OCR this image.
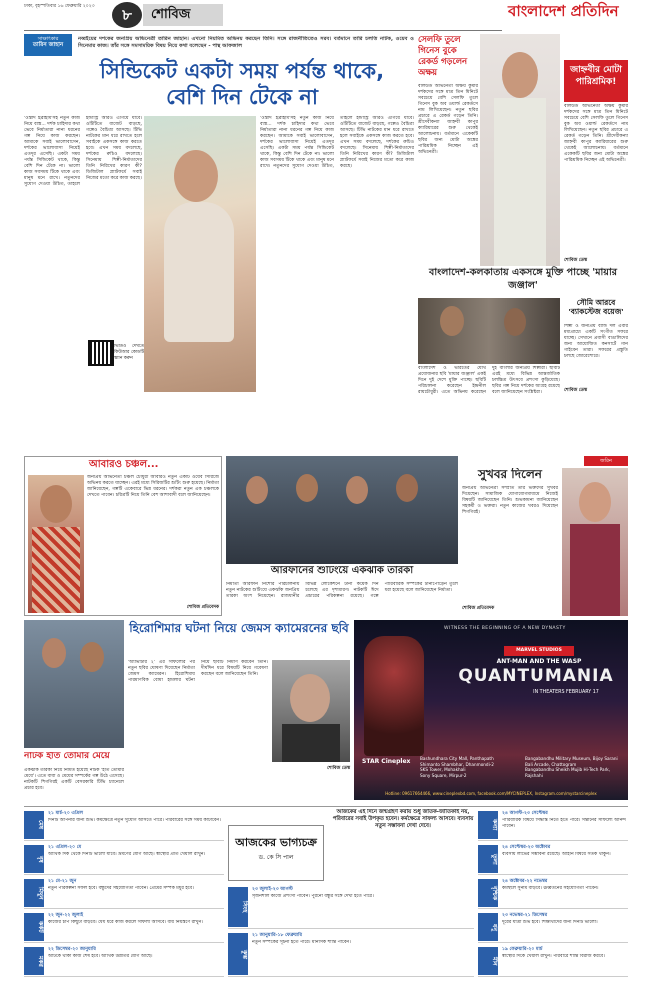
ঢাকা, বৃহস্পতিবার ১৬ ফেব্রুয়ারি ২০২৩	৮	শোবিজ	বাংলাদেশ প্রতিদিন
সাক্ষাৎকার
তারিন জাহান
নব্বইয়ের দশকের জনপ্রিয় অভিনেত্রী তারিন জাহান। এখনো নিয়মিত অভিনয় করছেন তিনি। সঙ্গে রাজনীতিতেও সরব। বর্তমানে তারি চলতি নাটক, ওয়েব ও সিনেমার কাজ। তাঁর সঙ্গে সমসাময়িক বিষয় নিয়ে কথা বলেছেন - পান্থ আফজাল
সিন্ডিকেট একটা সময় পর্যন্ত থাকে, বেশি দিন টেকে না
'ওস্তাদ ইব্রাহীম'সহ নতুন কাজ নিয়ে ব্যস্ত... দর্শক চাহিদার কথা ভেবে নির্মাতারা নানা ধরনের গল্প নিয়ে কাজ করছেন। আমাকে সবাই ভালোবাসেন, দর্শকের ভালোবাসা নিয়েই এতদূর এসেছি। একটা সময় পর্যন্ত সিন্ডিকেট থাকে, কিন্তু বেশি দিন টেকে না। ভালো কাজ সবসময় টিকে থাকে এবং মানুষ মনে রাখে। নতুনদের সুযোগ দেওয়া উচিত, তাহলে ইন্ডাস্ট্রি আরও এগিয়ে যাবে। ওটিটিতে বাজেট বাড়ছে, গল্পেও বৈচিত্র্য আসছে। টিভি নাটকের মান ধরে রাখতে হলে সবাইকে একসঙ্গে কাজ করতে হবে। এখন সময় বদলেছে, দর্শকের রুচিও বদলেছে। সিনেমায় শিল্পী-নির্মাতাদের তিনি নিরিখের কারণ কী? ডিজিটাল প্ল্যাটফর্মে সবাই নিজের মতো করে কাজ করছে।
ভিডিও দেখতে কিউআর কোডটি স্ক্যান করুন
'ওস্তাদ ইব্রাহীম'সহ নতুন কাজ নিয়ে ব্যস্ত... দর্শক চাহিদার কথা ভেবে নির্মাতারা নানা ধরনের গল্প নিয়ে কাজ করছেন। আমাকে সবাই ভালোবাসেন, দর্শকের ভালোবাসা নিয়েই এতদূর এসেছি। একটা সময় পর্যন্ত সিন্ডিকেট থাকে, কিন্তু বেশি দিন টেকে না। ভালো কাজ সবসময় টিকে থাকে এবং মানুষ মনে রাখে। নতুনদের সুযোগ দেওয়া উচিত, তাহলে ইন্ডাস্ট্রি আরও এগিয়ে যাবে। ওটিটিতে বাজেট বাড়ছে, গল্পেও বৈচিত্র্য আসছে। টিভি নাটকের মান ধরে রাখতে হলে সবাইকে একসঙ্গে কাজ করতে হবে। এখন সময় বদলেছে, দর্শকের রুচিও বদলেছে। সিনেমায় শিল্পী-নির্মাতাদের তিনি নিরিখের কারণ কী? ডিজিটাল প্ল্যাটফর্মে সবাই নিজের মতো করে কাজ করছে।
সেলফি তুলে গিনেস বুকে রেকর্ড গড়লেন অক্ষয়
বলিউড অভিনেতা অক্ষয় কুমার দর্শকদের সঙ্গে মাত্র তিন মিনিটে সবচেয়ে বেশি সেলফি তুলে গিনেস বুক অব ওয়ার্ল্ড রেকর্ডসে নাম লিখিয়েছেন। নতুন ছবির প্রচারে এ রেকর্ড গড়েন তিনি। শ্রীদেবীকন্যা জাহ্নবী কাপুর ক্যারিয়ারের শুরু থেকেই আলোচনায়। বর্তমানে একেকটি ছবির জন্য মোটা অঙ্কের পারিশ্রমিক নিচ্ছেন এই অভিনেত্রী।
জাহ্নবীর মোটা পারিশ্রমিক!
বলিউড অভিনেতা অক্ষয় কুমার দর্শকদের সঙ্গে মাত্র তিন মিনিটে সবচেয়ে বেশি সেলফি তুলে গিনেস বুক অব ওয়ার্ল্ড রেকর্ডসে নাম লিখিয়েছেন। নতুন ছবির প্রচারে এ রেকর্ড গড়েন তিনি। শ্রীদেবীকন্যা জাহ্নবী কাপুর ক্যারিয়ারের শুরু থেকেই আলোচনায়। বর্তমানে একেকটি ছবির জন্য মোটা অঙ্কের পারিশ্রমিক নিচ্ছেন এই অভিনেত্রী।
শোবিজ ডেস্ক
বাংলাদেশ-কলকাতায় একসঙ্গে মুক্তি পাচ্ছে 'মায়ার জঞ্জাল'
সৌমি আরবে 'ব্যাকস্টেজ বয়েজ'
শিল্পী ও জনপ্রিয় ব্যান্ড দল এবার মধ্যপ্রাচ্যে একটি সংগীত সফরে যাচ্ছে। সেখানে প্রবাসী বাঙালিদের জন্য আয়োজিত কনসার্টে গান গাইবেন তারা। সফরের প্রস্তুতি চলছে জোরেশোরে।
শোবিজ ডেস্ক
বাংলাদেশ ও ভারতের যৌথ প্রযোজনার ছবি 'মায়ার জঞ্জাল' একই দিনে দুই দেশে মুক্তি পাচ্ছে। ছবিটি পরিচালনা করেছেন ইন্দ্রনীল রায়চৌধুরী। এতে অভিনয় করেছেন দুই বাংলার জনপ্রিয় শিল্পীরা। ছবিটি এরই মধ্যে বিভিন্ন আন্তর্জাতিক চলচ্চিত্র উৎসবে প্রশংসা কুড়িয়েছে। ছবির গল্প নিয়ে দর্শকের আগ্রহ রয়েছে বলে জানিয়েছেন সংশ্লিষ্টরা।
আবারও চঞ্চল...
জনপ্রিয় অভিনেতা চঞ্চল চৌধুরী আবারও নতুন একটি ওয়েব সিরিজে অভিনয় করতে যাচ্ছেন। এরই মধ্যে সিরিজটির শুটিং শুরু হয়েছে। নির্মাতা জানিয়েছেন, গল্পটি একেবারে ভিন্ন ধরনের। দর্শকরা নতুন এক চঞ্চলকে দেখতে পাবেন। চরিত্রটি নিয়ে তিনি বেশ আশাবাদী বলে জানিয়েছেন।
শোবিজ প্রতিবেদক
আরফানের শুটিংয়ে একঝাঁক তারকা
নির্মাতা আরফান নিশোর পরিচালনায় নতুন নাটকের শুটিংয়ে একঝাঁক জনপ্রিয় তারকা অংশ নিয়েছেন। রাজধানীর বিভিন্ন লোকেশনে টানা কয়েক দিন চলেছে এর দৃশ্যধারণ। নাটকটি ঈদে প্রচারের পরিকল্পনা রয়েছে। গল্পে পারিবারিক সম্পর্কের টানাপোড়েন তুলে ধরা হয়েছে বলে জানিয়েছেন নির্মাতা।
জরিন
সুখবর দিলেন
জনপ্রিয় অভিনেত্রী সম্প্রতি তাঁর ভক্তদের সুখবর দিয়েছেন। সামাজিক যোগাযোগমাধ্যমে নিজেই বিষয়টি জানিয়েছেন তিনি। শুভকামনা জানিয়েছেন সহকর্মী ও ভক্তরা। নতুন কাজের খবরও দিয়েছেন শিগগিরই।
শোবিজ প্রতিবেদক
হিরোশিমার ঘটনা নিয়ে জেমস ক্যামেরনের ছবি
'অ্যাভাটার ২' এর সাফল্যের পর নতুন ছবির ঘোষণা দিয়েছেন নির্মাতা জেমস ক্যামেরন। হিরোশিমায় পারমাণবিক বোমা হামলার ঘটনা নিয়ে ছবিটি নির্মাণ করবেন তিনি। দীর্ঘদিন ধরে বিষয়টি নিয়ে গবেষণা করছেন বলে জানিয়েছেন তিনি।
শোবিজ ডেস্ক
নাটক ইতি তোমার মেয়ে
একঝাঁক তারকা নিয়ে নির্মিত হয়েছে নাটক 'ইতি তোমার মেয়ে'। এতে বাবা ও মেয়ের সম্পর্কের গল্প উঠে এসেছে। নাটকটি শিগগিরই একটি বেসরকারি টিভি চ্যানেলে প্রচার হবে।
WITNESS THE BEGINNING OF A NEW DYNASTY
MARVEL STUDIOS
ANT-MAN AND THE WASP
QUANTUMANIA
IN THEATERS FEBRUARY 17
STAR Cineplex	Bashundhara City Mall, Panthapath
Shimanto Shambhar, Dhanmondi-2
SKS Tower, Mohakhali
Sony Square, Mirpur-2
Bangabandhu Military Museum, Bijoy Sarani
Bali Arcade, Chattogram
Bangabandhu Sheikh Mujib Hi-Tech Park, Rajshahi
Hotline: 09617664466, www.cineplexbd.com, facebook.com/MYCINEPLEX, Instagram.com/mystarcineplex
আজকের ভাগ্যচক্র
ড. কে সি পাল
আজকের এই দিনে জন্মগ্রহণ করায় শুধু জাতক-জাতিকাই নয়, পরিবারের সবাই উপকৃত হবেন। কর্মক্ষেত্রে সাফল্য আসবে। ব্যবসায় নতুন সম্ভাবনা দেখা দেবে।
মেষ
২১ মার্চ-২০ এপ্রিল
দিনটি আপনার জন্য শুভ। কর্মক্ষেত্রে নতুন সুযোগ আসতে পারে। পরিবারের সঙ্গে সময় কাটাবেন।
বৃষ
২১ এপ্রিল-২০ মে
আর্থিক দিক থেকে দিনটি ভালো যাবে। ভ্রমণের যোগ আছে। স্বাস্থ্যের প্রতি খেয়াল রাখুন।
মিথুন
২১ মে-২১ জুন
নতুন পরিকল্পনা সফল হবে। বন্ধুদের সহযোগিতা পাবেন। প্রেমের সম্পর্ক মধুর হবে।
কর্কট
২২ জুন-২২ জুলাই
কাজের চাপ কিছুটা বাড়বে। ধৈর্য ধরে কাজ করলে সাফল্য আসবে। ব্যয় নিয়ন্ত্রণে রাখুন।
সিংহ
২৩ জুলাই-২৩ আগস্ট
সৃজনশীল কাজে প্রশংসা পাবেন। পুরনো বন্ধুর সঙ্গে দেখা হতে পারে।
কন্যা
২৪ আগস্ট-২৩ সেপ্টেম্বর
পারিবারিক বিষয়ে সিদ্ধান্ত নিতে হতে পারে। সন্তানের সাফল্যে আনন্দ পাবেন।
তুলা
২৪ সেপ্টেম্বর-২৩ অক্টোবর
ব্যবসায় লাভের সম্ভাবনা রয়েছে। আইনি বিষয়ে সতর্ক থাকুন।
বৃশ্চিক
২৪ অক্টোবর-২২ নভেম্বর
কর্মস্থলে সুনাম বাড়বে। ঊর্ধ্বতনের সহযোগিতা পাবেন।
ধনু
২৩ নভেম্বর-২১ ডিসেম্বর
দূরের যাত্রা শুভ হবে। শিক্ষার্থীদের জন্য দিনটি ভালো।
মকর
২২ ডিসেম্বর-২০ জানুয়ারি
আটকে থাকা কাজ শেষ হবে। আর্থিক উন্নতির যোগ আছে।	কুম্ভ
২১ জানুয়ারি-১৮ ফেব্রুয়ারি
নতুন সম্পর্কের সূচনা হতে পারে। মানসিক শান্তি পাবেন।
মীন
১৯ ফেব্রুয়ারি-২০ মার্চ
স্বাস্থ্যের দিকে খেয়াল রাখুন। পরিবারে শান্তি বিরাজ করবে।
